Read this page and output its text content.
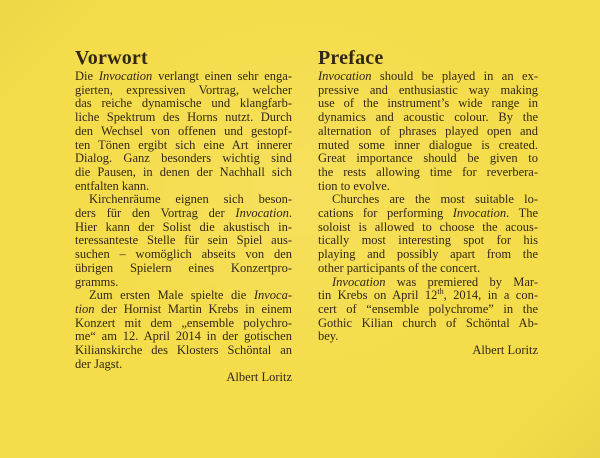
Vorwort
Die Invocation verlangt einen sehr enga-
gierten, expressiven Vortrag, welcher
das reiche dynamische und klangfarb-
liche Spektrum des Horns nutzt. Durch
den Wechsel von offenen und gestopf-
ten Tönen ergibt sich eine Art innerer
Dialog. Ganz besonders wichtig sind
die Pausen, in denen der Nachhall sich
entfalten kann.
Kirchenräume eignen sich beson-
ders für den Vortrag der Invocation.
Hier kann der Solist die akustisch in-
teressanteste Stelle für sein Spiel aus-
suchen – womöglich abseits von den
übrigen Spielern eines Konzertpro-
gramms.
Zum ersten Male spielte die Invoca-
tion der Hornist Martin Krebs in einem
Konzert mit dem „ensemble polychro-
me“ am 12. April 2014 in der gotischen
Kilianskirche des Klosters Schöntal an
der Jagst.
Albert Loritz
Preface
Invocation should be played in an ex-
pressive and enthusiastic way making
use of the instrument’s wide range in
dynamics and acoustic colour. By the
alternation of phrases played open and
muted some inner dialogue is created.
Great importance should be given to
the rests allowing time for reverbera-
tion to evolve.
Churches are the most suitable lo-
cations for performing Invocation. The
soloist is allowed to choose the acous-
tically most interesting spot for his
playing and possibly apart from the
other participants of the concert.
Invocation was premiered by Mar-
tin Krebs on April 12th, 2014, in a con-
cert of “ensemble polychrome” in the
Gothic Kilian church of Schöntal Ab-
bey.
Albert Loritz
